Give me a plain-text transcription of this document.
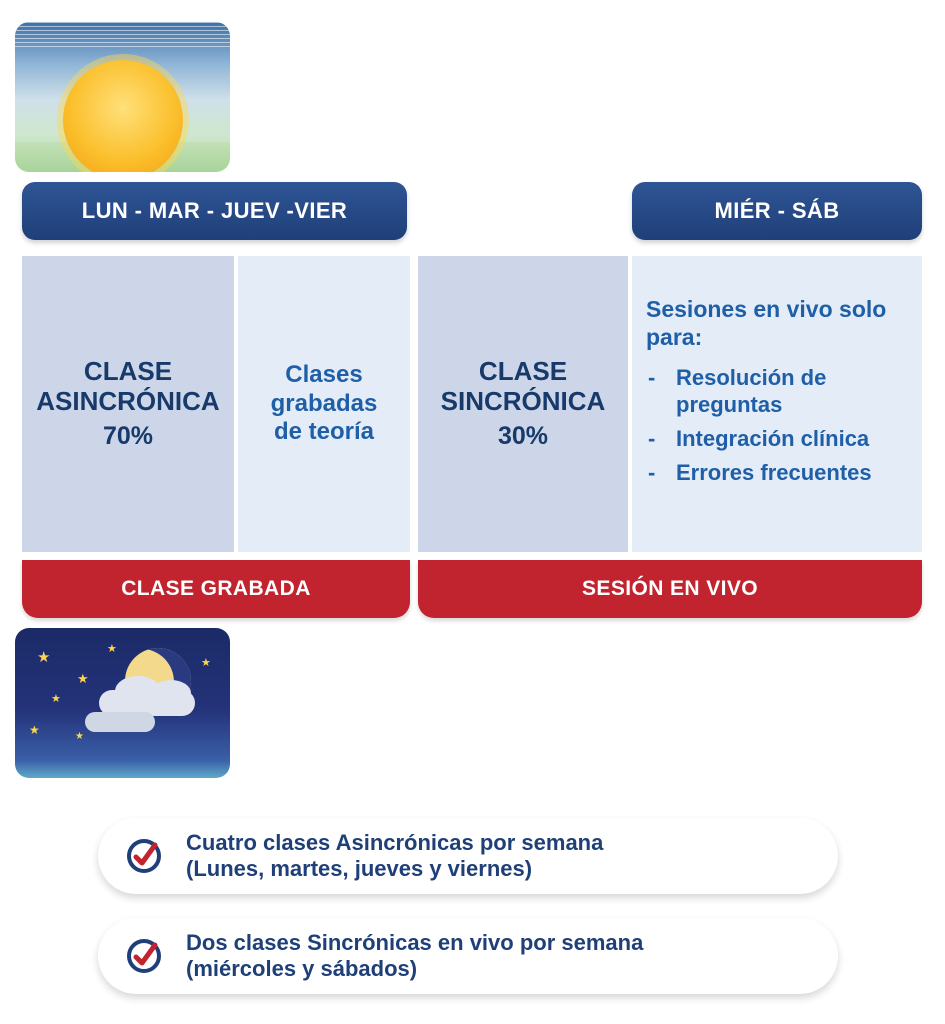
★
★
★
★
★	★
★
LUN - MAR - JUEV -VIER	MIÉR - SÁB
CLASE
ASINCRÓNICA
70%
Clases
grabadas
de teoría
CLASE
SINCRÓNICA
30%
Sesiones en vivo solo
para:
- Resolución de preguntas
- Integración clínica
- Errores frecuentes
CLASE GRABADA	SESIÓN EN VIVO
Cuatro clases Asincrónicas por semana
(Lunes, martes, jueves y viernes)
Dos clases Sincrónicas en vivo por semana
(miércoles y sábados)
